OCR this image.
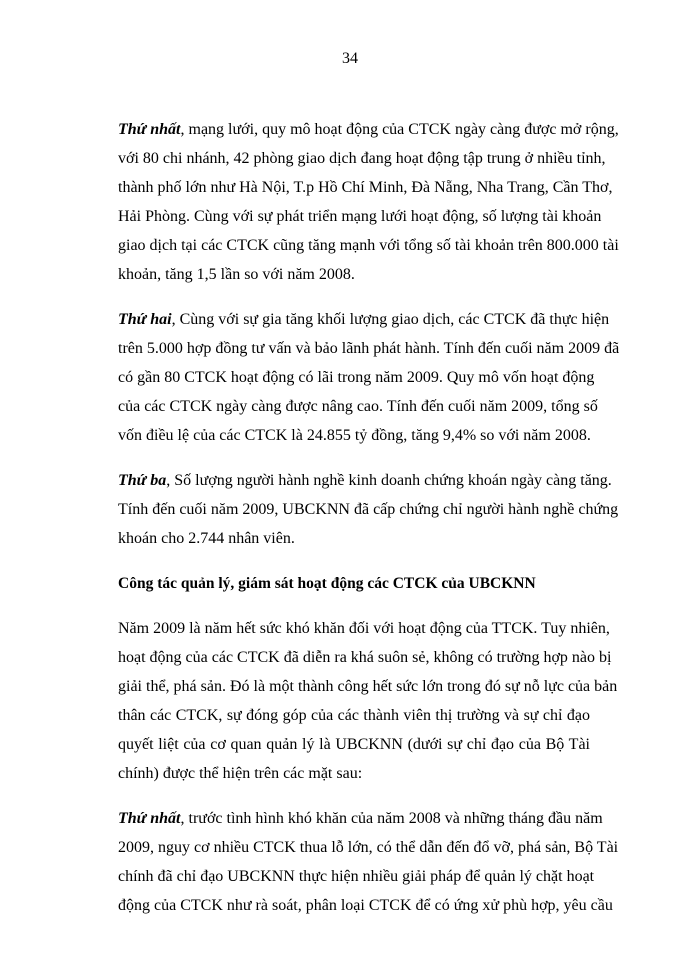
34
Thứ nhất, mạng lưới, quy mô hoạt động của CTCK ngày càng được mở rộng,
với 80 chi nhánh, 42 phòng giao dịch đang hoạt động tập trung ở nhiều tỉnh,
thành phố lớn như Hà Nội, T.p Hồ Chí Minh, Đà Nẵng, Nha Trang, Cần Thơ,
Hải Phòng. Cùng với sự phát triển mạng lưới hoạt động, số lượng tài khoản
giao dịch tại các CTCK cũng tăng mạnh với tổng số tài khoản trên 800.000 tài
khoản, tăng 1,5 lần so với năm 2008.
Thứ hai, Cùng với sự gia tăng khối lượng giao dịch, các CTCK đã thực hiện
trên 5.000 hợp đồng tư vấn và bảo lãnh phát hành. Tính đến cuối năm 2009 đã
có gần 80 CTCK hoạt động có lãi trong năm 2009. Quy mô vốn hoạt động
của các CTCK ngày càng được nâng cao. Tính đến cuối năm 2009, tổng số
vốn điều lệ của các CTCK là 24.855 tỷ đồng, tăng 9,4% so với năm 2008.
Thứ ba, Số lượng người hành nghề kinh doanh chứng khoán ngày càng tăng.
Tính đến cuối năm 2009, UBCKNN đã cấp chứng chỉ người hành nghề chứng
khoán cho 2.744 nhân viên.
Công tác quản lý, giám sát hoạt động các CTCK của UBCKNN
Năm 2009 là năm hết sức khó khăn đối với hoạt động của TTCK. Tuy nhiên,
hoạt động của các CTCK đã diễn ra khá suôn sẻ, không có trường hợp nào bị
giải thể, phá sản. Đó là một thành công hết sức lớn trong đó sự nỗ lực của bản
thân các CTCK, sự đóng góp của các thành viên thị trường và sự chỉ đạo
quyết liệt của cơ quan quản lý là UBCKNN (dưới sự chỉ đạo của Bộ Tài
chính) được thể hiện trên các mặt sau:
Thứ nhất, trước tình hình khó khăn của năm 2008 và những tháng đầu năm
2009, nguy cơ nhiều CTCK thua lỗ lớn, có thể dẫn đến đổ vỡ, phá sản, Bộ Tài
chính đã chỉ đạo UBCKNN thực hiện nhiều giải pháp để quản lý chặt hoạt
động của CTCK như rà soát, phân loại CTCK để có ứng xử phù hợp, yêu cầu
